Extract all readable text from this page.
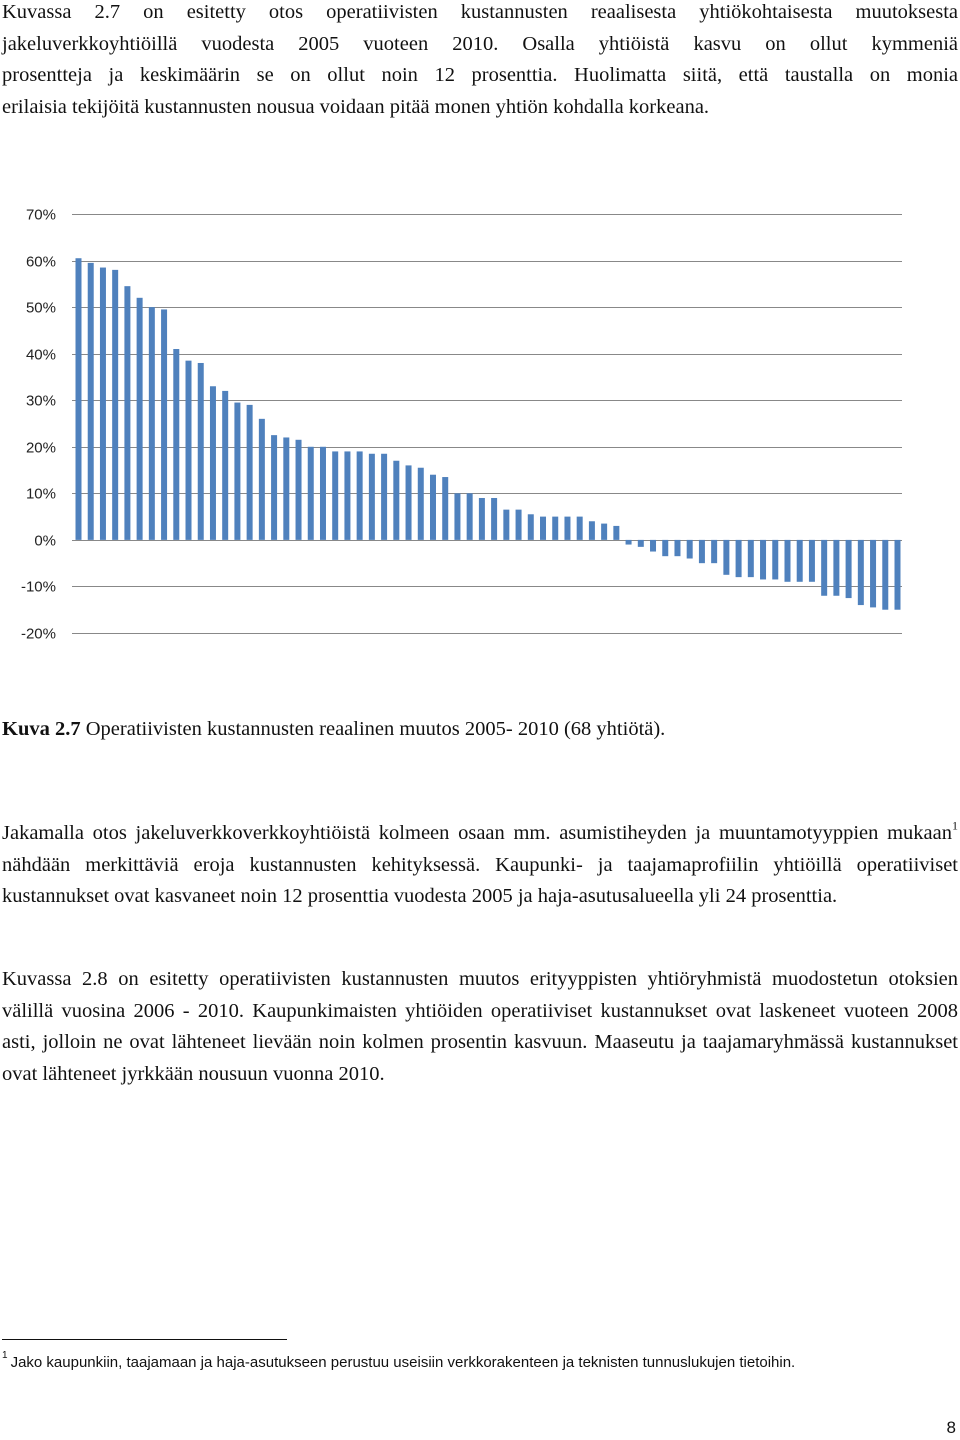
Kuvassa 2.7 on esitetty otos operatiivisten kustannusten reaalisesta yhtiökohtaisesta muutoksesta
jakeluverkkoyhtiöillä vuodesta 2005 vuoteen 2010. Osalla yhtiöistä kasvu on ollut kymmeniä
prosentteja ja keskimäärin se on ollut noin 12 prosenttia. Huolimatta siitä, että taustalla on monia
erilaisia tekijöitä kustannusten nousua voidaan pitää monen yhtiön kohdalla korkeana.

70%
60%
50%
40%
30%
20%
10%
0%
-10%
-20%

Kuva 2.7 Operatiivisten kustannusten reaalinen muutos 2005- 2010 (68 yhtiötä).

Jakamalla otos jakeluverkkoverkkoyhtiöistä kolmeen osaan mm. asumistiheyden ja muuntamotyyppien mukaan$^1$ nähdään merkittäviä eroja kustannusten kehityksessä. Kaupunki- ja taajamaprofiilin yhtiöillä operatiiviset kustannukset ovat kasvaneet noin 12 prosenttia vuodesta 2005 ja haja-asutusalueella yli 24 prosenttia.

Kuvassa 2.8 on esitetty operatiivisten kustannusten muutos erityyppisten yhtiöryhmistä muodostetun otoksien välillä vuosina 2006 - 2010. Kaupunkimaisten yhtiöiden operatiiviset kustannukset ovat laskeneet vuoteen 2008 asti, jolloin ne ovat lähteneet lievään noin kolmen prosentin kasvuun. Maaseutu ja taajamaryhmässä kustannukset ovat lähteneet jyrkkään nousuun vuonna 2010.

$^1$ Jako kaupunkiin, taajamaan ja haja-asutukseen perustuu useisiin verkkorakenteen ja teknisten tunnuslukujen tietoihin.

8
